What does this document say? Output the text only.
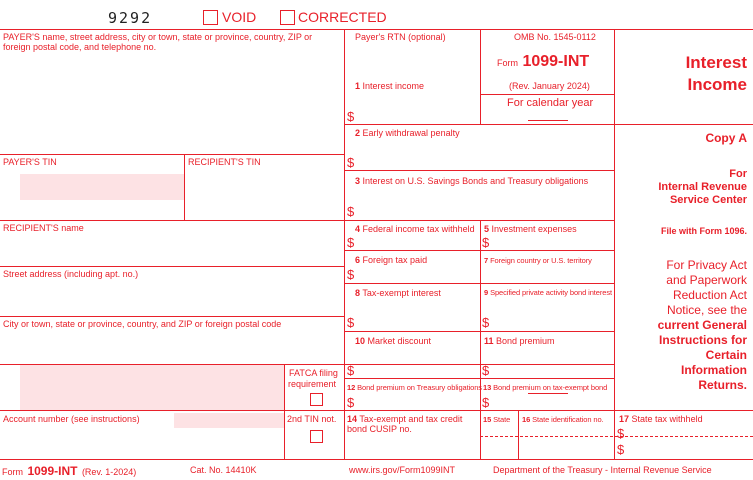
9292	VOID	CORRECTED
PAYER'S name, street address, city or town, state or province, country, ZIP or foreign postal code, and telephone no.
PAYER'S TIN	RECIPIENT'S TIN
RECIPIENT'S name
Street address (including apt. no.)
City or town, state or province, country, and ZIP or foreign postal code
Account number (see instructions)
FATCA filing
requirement
2nd TIN not.
Payer's RTN (optional)	OMB No. 1545-0112
Form 1099-INT
(Rev. January 2024)
For calendar year
1 Interest income
$
2 Early withdrawal penalty
$
3 Interest on U.S. Savings Bonds and Treasury obligations
$
4 Federal income tax withheld
$
5 Investment expenses
$
6 Foreign tax paid
$
7 Foreign country or U.S. territory
8 Tax-exempt interest
$
9 Specified private activity bond interest
$
10 Market discount
$
11 Bond premium
$
12 Bond premium on Treasury obligations
$
13 Bond premium on tax-exempt bond
$
14 Tax-exempt and tax credit bond CUSIP no.
15 State 16 State identification no. 17 State tax withheld
$
$
Interest
Income
Copy A
For
Internal Revenue
Service Center
File with Form 1096.
For Privacy Act
and Paperwork
Reduction Act
Notice, see the
current General
Instructions for
Certain
Information
Returns.
Form 1099-INT (Rev. 1-2024)	Cat. No. 14410K	www.irs.gov/Form1099INT	Department of the Treasury - Internal Revenue Service
